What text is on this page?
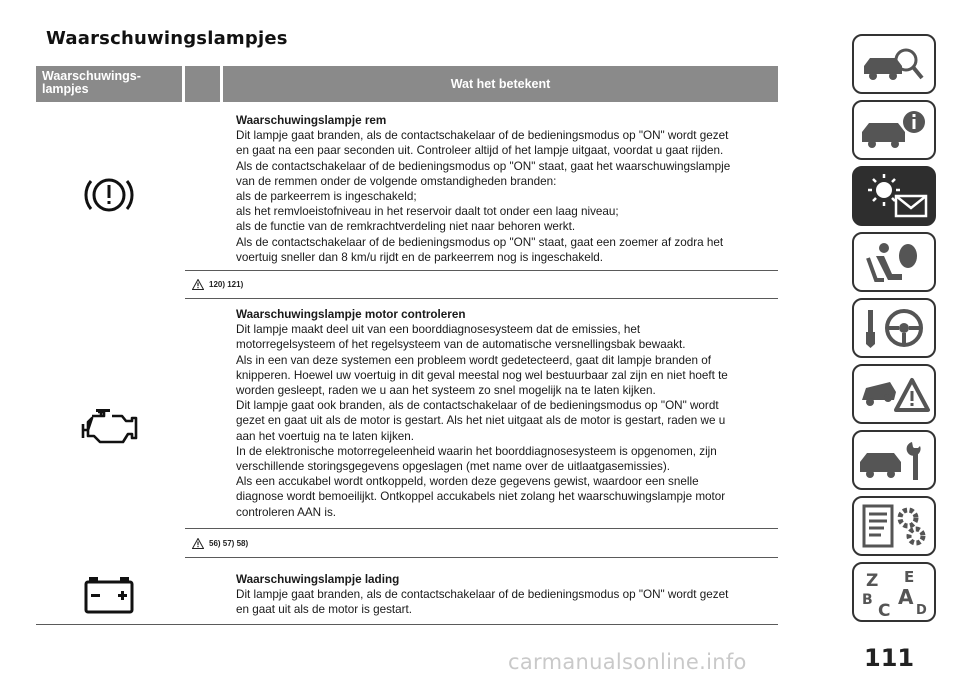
Waarschuwingslampjes
Waarschuwings-
lampjes	Wat het betekent
Waarschuwingslampje rem
Dit lampje gaat branden, als de contactschakelaar of de bedieningsmodus op "ON" wordt gezet
en gaat na een paar seconden uit. Controleer altijd of het lampje uitgaat, voordat u gaat rijden.
Als de contactschakelaar of de bedieningsmodus op "ON" staat, gaat het waarschuwingslampje
van de remmen onder de volgende omstandigheden branden:
als de parkeerrem is ingeschakeld;
als het remvloeistofniveau in het reservoir daalt tot onder een laag niveau;
als de functie van de remkrachtverdeling niet naar behoren werkt.
Als de contactschakelaar of de bedieningsmodus op "ON" staat, gaat een zoemer af zodra het
voertuig sneller dan 8 km/u rijdt en de parkeerrem nog is ingeschakeld.
120) 121)
Waarschuwingslampje motor controleren
Dit lampje maakt deel uit van een boorddiagnosesysteem dat de emissies, het
motorregelsysteem of het regelsysteem van de automatische versnellingsbak bewaakt.
Als in een van deze systemen een probleem wordt gedetecteerd, gaat dit lampje branden of
knipperen. Hoewel uw voertuig in dit geval meestal nog wel bestuurbaar zal zijn en niet hoeft te
worden gesleept, raden we u aan het systeem zo snel mogelijk na te laten kijken.
Dit lampje gaat ook branden, als de contactschakelaar of de bedieningsmodus op "ON" wordt
gezet en gaat uit als de motor is gestart. Als het niet uitgaat als de motor is gestart, raden we u
aan het voertuig na te laten kijken.
In de elektronische motorregeleenheid waarin het boorddiagnosesysteem is opgenomen, zijn
verschillende storingsgegevens opgeslagen (met name over de uitlaatgasemissies).
Als een accukabel wordt ontkoppeld, worden deze gegevens gewist, waardoor een snelle
diagnose wordt bemoeilijkt. Ontkoppel accukabels niet zolang het waarschuwingslampje motor
controleren AAN is.
56) 57) 58)
Waarschuwingslampje lading
Dit lampje gaat branden, als de contactschakelaar of de bedieningsmodus op "ON" wordt gezet
en gaat uit als de motor is gestart.
Z E
B A
C D
111
carmanualsonline.info
